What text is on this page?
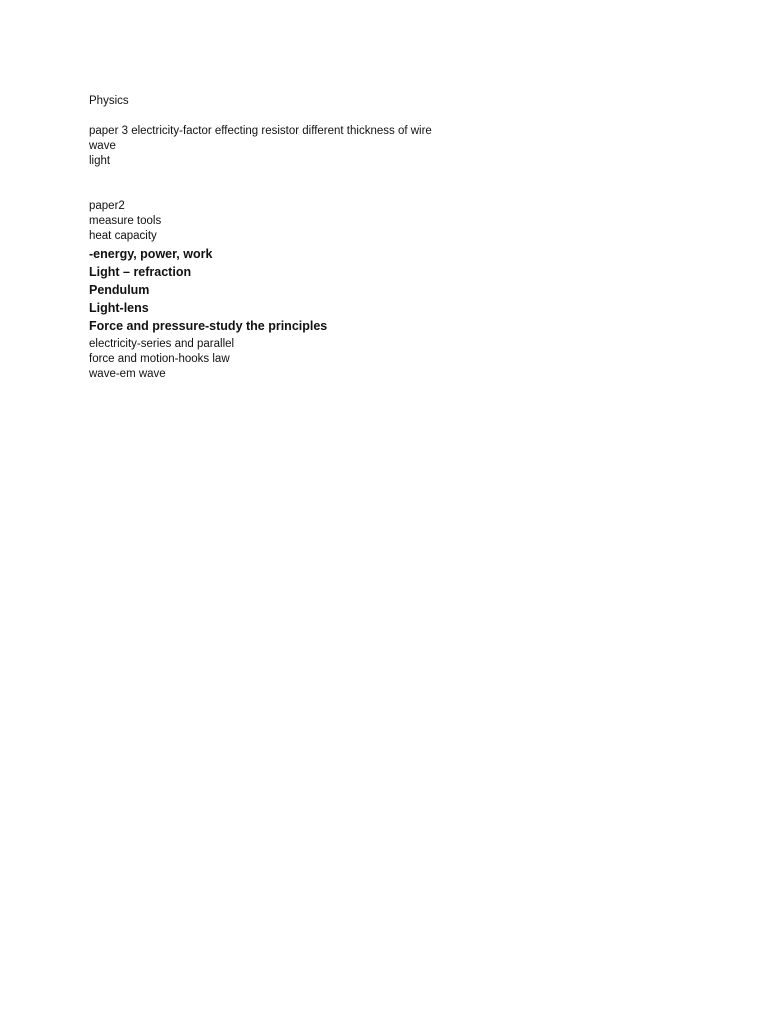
Physics
paper 3 electricity-factor effecting resistor different thickness of wire
wave
light
paper2
measure tools
heat capacity
-energy, power, work
Light – refraction
Pendulum
Light-lens
Force and pressure-study the principles
electricity-series and parallel
force and motion-hooks law
wave-em wave
